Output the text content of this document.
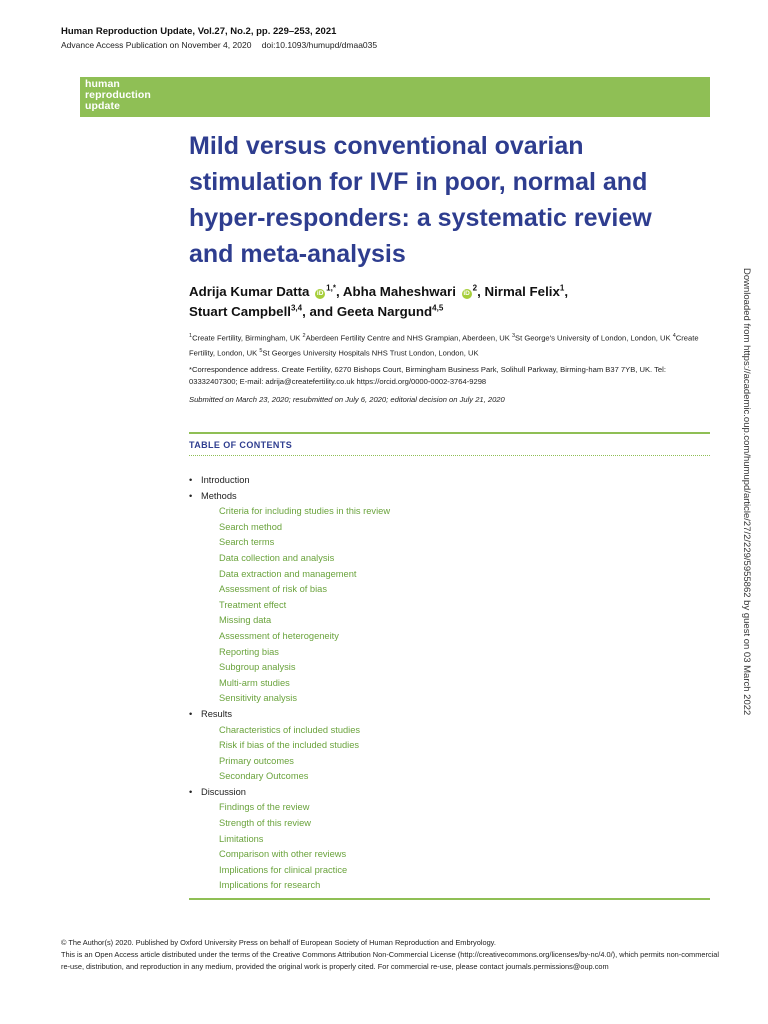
Human Reproduction Update, Vol.27, No.2, pp. 229–253, 2021
Advance Access Publication on November 4, 2020 doi:10.1093/humupd/dmaa035
human
reproduction
update
Mild versus conventional ovarian stimulation for IVF in poor, normal and hyper-responders: a systematic review and meta-analysis
Adrija Kumar Datta $iD^{1,*}$, Abha Maheshwari $iD^2$, Nirmal Felix$^1$,
Stuart Campbell$^{3,4}$, and Geeta Nargund$^{4,5}$
$^1$Create Fertility, Birmingham, UK $^2$Aberdeen Fertility Centre and NHS Grampian, Aberdeen, UK $^3$St George's University of London, London, UK $^4$Create Fertility, London, UK $^5$St Georges University Hospitals NHS Trust London, London, UK
*Correspondence address. Create Fertility, 6270 Bishops Court, Birmingham Business Park, Solihull Parkway, Birming-ham B37 7YB, UK. Tel: 03332407300; E-mail: adrija@createfertility.co.uk https://orcid.org/0000-0002-3764-9298
Submitted on March 23, 2020; resubmitted on July 6, 2020; editorial decision on July 21, 2020
TABLE OF CONTENTS
• Introduction
• Methods
Criteria for including studies in this review
Search method
Search terms
Data collection and analysis
Data extraction and management
Assessment of risk of bias
Treatment effect
Missing data
Assessment of heterogeneity
Reporting bias
Subgroup analysis
Multi-arm studies
Sensitivity analysis
• Results
Characteristics of included studies
Risk if bias of the included studies
Primary outcomes
Secondary Outcomes
• Discussion
Findings of the review
Strength of this review
Limitations
Comparison with other reviews
Implications for clinical practice
Implications for research
© The Author(s) 2020. Published by Oxford University Press on behalf of European Society of Human Reproduction and Embryology.
This is an Open Access article distributed under the terms of the Creative Commons Attribution Non-Commercial License (http://creativecommons.org/licenses/by-nc/4.0/), which permits non-commercial re-use, distribution, and reproduction in any medium, provided the original work is properly cited. For commercial re-use, please contact journals.permissions@oup.com
Downloaded from https://academic.oup.com/humupd/article/27/2/229/5955862 by guest on 03 March 2022
